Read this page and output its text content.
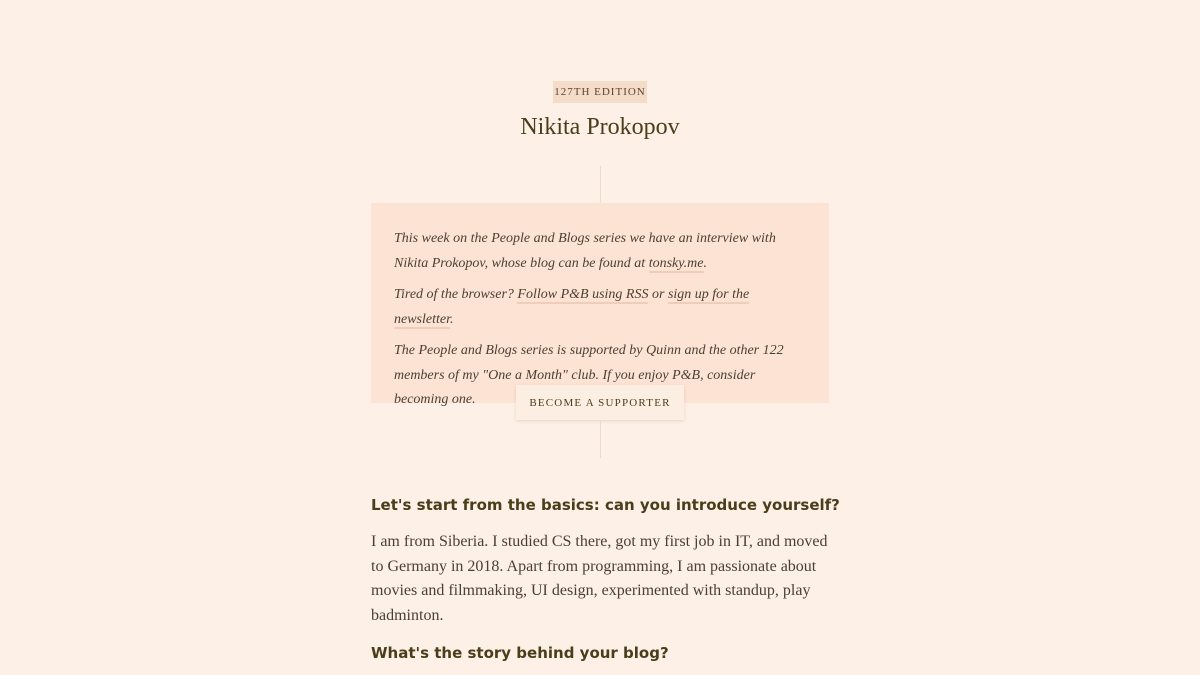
127TH EDITION
Nikita Prokopov

This week on the People and Blogs series we have an interview with Nikita Prokopov, whose blog can be found at tonsky.me.

Tired of the browser? Follow P&B using RSS or sign up for the newsletter.

The People and Blogs series is supported by Quinn and the other 122 members of my "One a Month" club. If you enjoy P&B, consider becoming one.	BECOME A SUPPORTER
Let's start from the basics: can you introduce yourself?

I am from Siberia. I studied CS there, got my first job in IT, and moved to Germany in 2018. Apart from programming, I am passionate about movies and filmmaking, UI design, experimented with standup, play badminton.

What's the story behind your blog?
